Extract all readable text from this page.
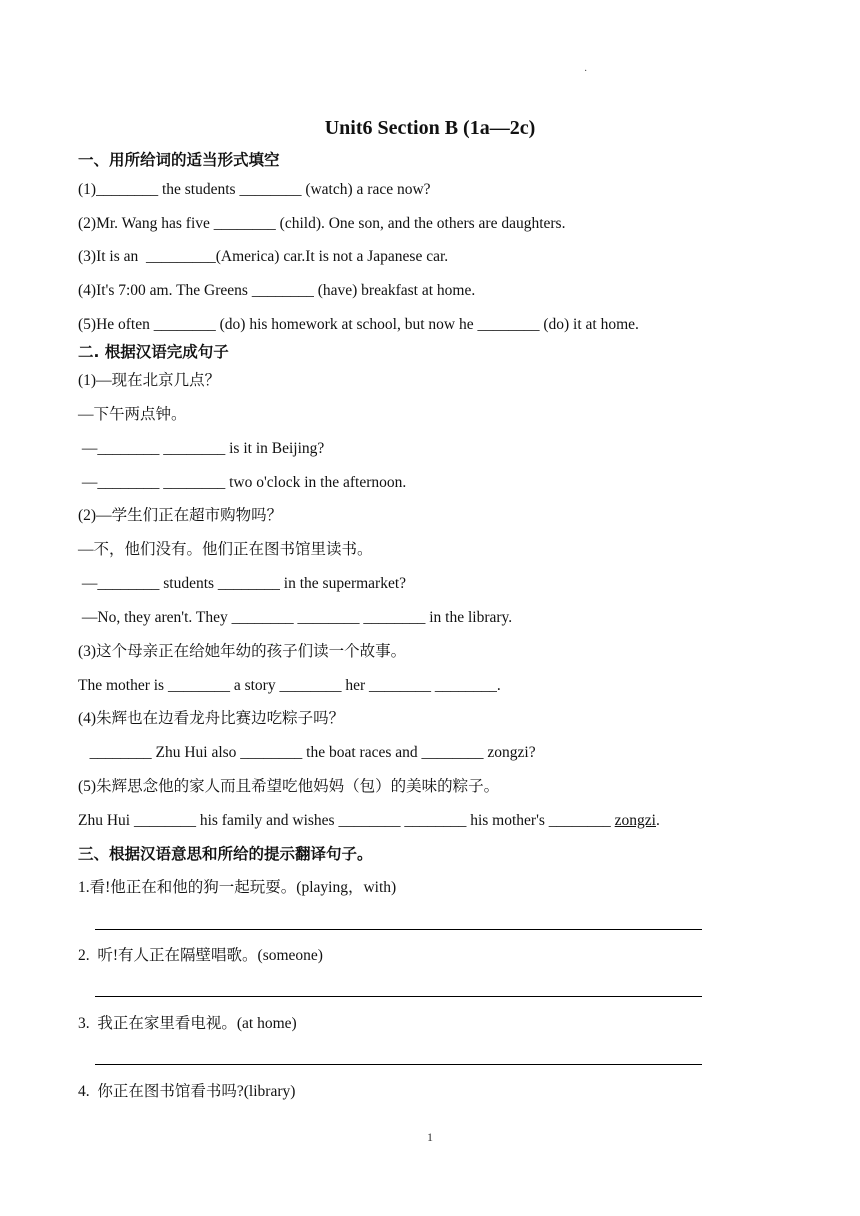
·
Unit6 Section B (1a—2c)
一、用所给词的适当形式填空
(1)________ the students ________ (watch) a race now?
(2)Mr. Wang has five ________ (child). One son, and the others are daughters.
(3)It is an  _________(America) car.It is not a Japanese car.
(4)It's 7:00 am. The Greens ________ (have) breakfast at home.
(5)He often ________ (do) his homework at school, but now he ________ (do) it at home.
二. 根据汉语完成句子
(1)—现在北京几点？
—下午两点钟。
—________ ________ is it in Beijing?
—________ ________ two o'clock in the afternoon.
(2)—学生们正在超市购物吗？
—不，他们没有。他们正在图书馆里读书。
—________ students ________ in the supermarket?
—No, they aren't. They ________ ________ ________ in the library.
(3)这个母亲正在给她年幼的孩子们读一个故事。
The mother is ________ a story ________ her ________ ________.
(4)朱辉也在边看龙舟比赛边吃粽子吗？
________ Zhu Hui also ________ the boat races and ________ zongzi?
(5)朱辉思念他的家人而且希望吃他妈妈（包）的美味的粽子。
Zhu Hui ________ his family and wishes ________ ________ his mother's ________ zongzi.
三、根据汉语意思和所给的提示翻译句子。
1.看!他正在和他的狗一起玩耍。(playing，with)
2.  听!有人正在隔壁唱歌。(someone)
3.  我正在家里看电视。(at home)
4.  你正在图书馆看书吗?(library)
1
